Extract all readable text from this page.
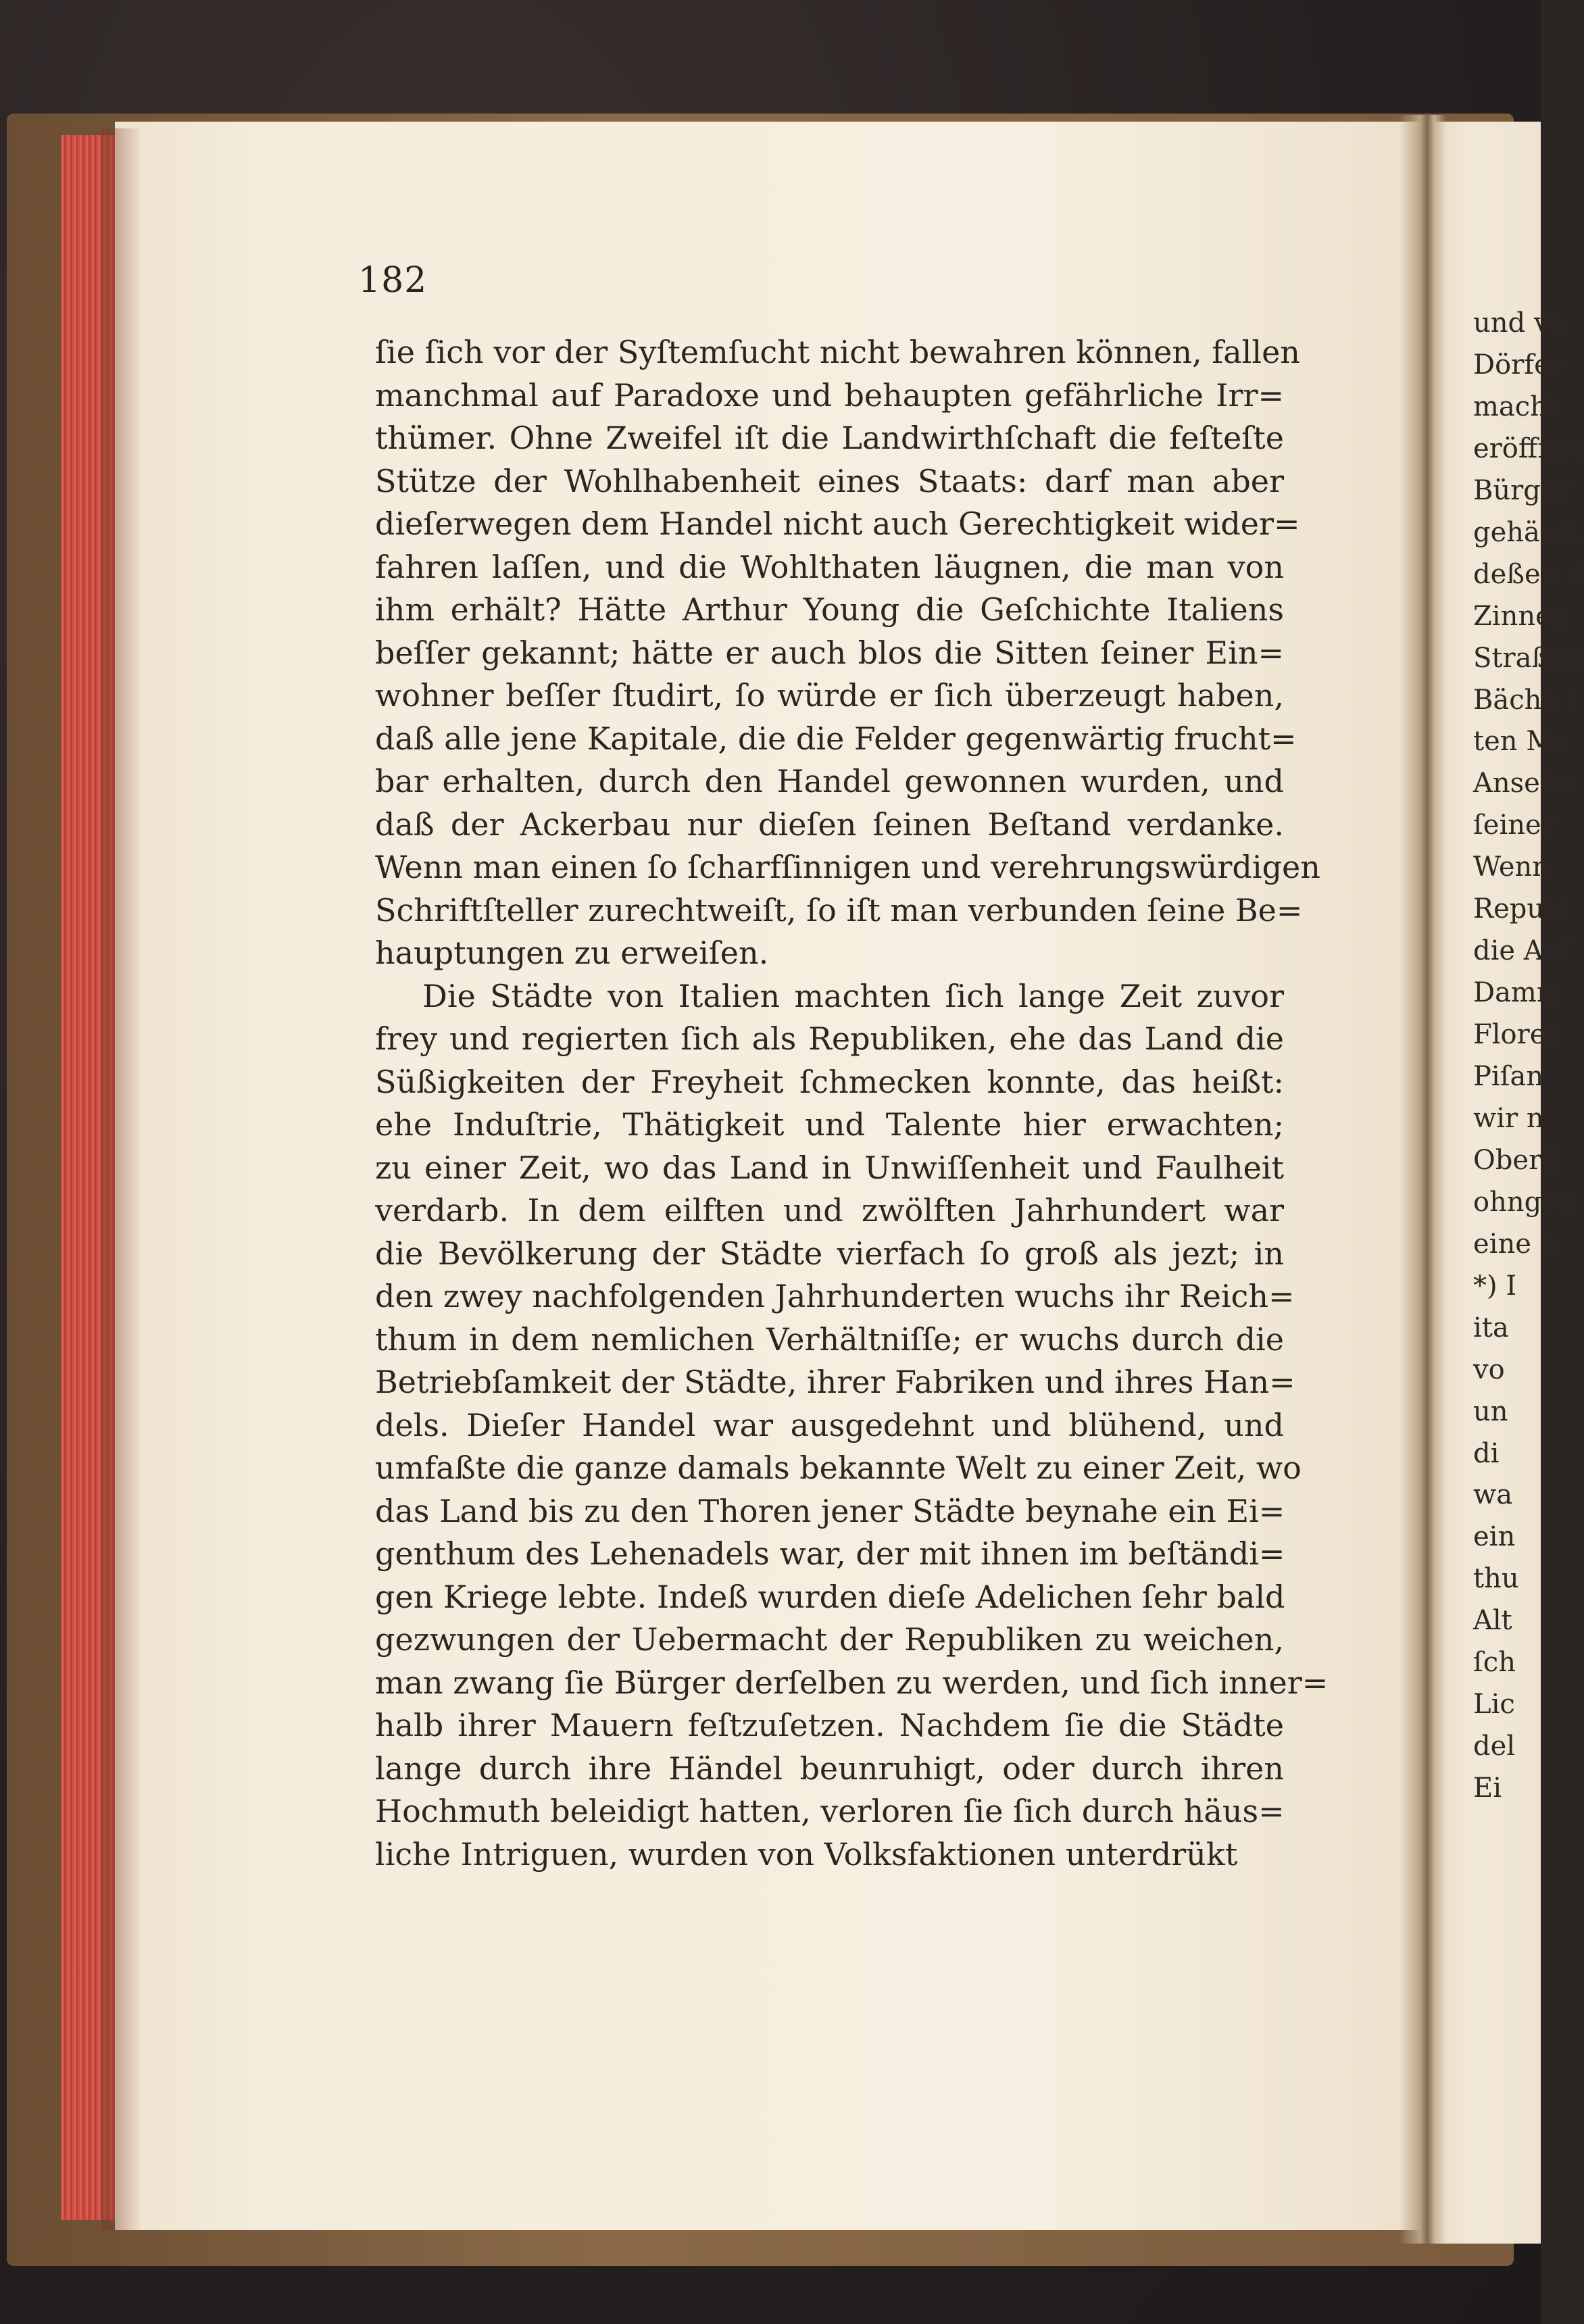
182
ſie ſich vor der Syſtemſucht nicht bewahren können, fallen
manchmal auf Paradoxe und behaupten gefährliche Irr=
thümer. Ohne Zweifel iſt die Landwirthſchaft die feſteſte
Stütze der Wohlhabenheit eines Staats: darf man aber
dieſerwegen dem Handel nicht auch Gerechtigkeit wider=
fahren laſſen, und die Wohlthaten läugnen, die man von
ihm erhält? Hätte Arthur Young die Geſchichte Italiens
beſſer gekannt; hätte er auch blos die Sitten ſeiner Ein=
wohner beſſer ſtudirt, ſo würde er ſich überzeugt haben,
daß alle jene Kapitale, die die Felder gegenwärtig frucht=
bar erhalten, durch den Handel gewonnen wurden, und
daß der Ackerbau nur dieſen ſeinen Beſtand verdanke.
Wenn man einen ſo ſcharfſinnigen und verehrungswürdigen
Schriftſteller zurechtweiſt, ſo iſt man verbunden ſeine Be=
hauptungen zu erweiſen.
Die Städte von Italien machten ſich lange Zeit zuvor
frey und regierten ſich als Republiken, ehe das Land die
Süßigkeiten der Freyheit ſchmecken konnte, das heißt:
ehe Induſtrie, Thätigkeit und Talente hier erwachten;
zu einer Zeit, wo das Land in Unwiſſenheit und Faulheit
verdarb. In dem eilften und zwölften Jahrhundert war
die Bevölkerung der Städte vierfach ſo groß als jezt; in
den zwey nachfolgenden Jahrhunderten wuchs ihr Reich=
thum in dem nemlichen Verhältniſſe; er wuchs durch die
Betriebſamkeit der Städte, ihrer Fabriken und ihres Han=
dels. Dieſer Handel war ausgedehnt und blühend, und
umfaßte die ganze damals bekannte Welt zu einer Zeit, wo
das Land bis zu den Thoren jener Städte beynahe ein Ei=
genthum des Lehenadels war, der mit ihnen im beſtändi=
gen Kriege lebte. Indeß wurden dieſe Adelichen ſehr bald
gezwungen der Uebermacht der Republiken zu weichen,
man zwang ſie Bürger derſelben zu werden, und ſich inner=
halb ihrer Mauern feſtzuſetzen. Nachdem ſie die Städte
lange durch ihre Händel beunruhigt, oder durch ihren
Hochmuth beleidigt hatten, verloren ſie ſich durch häus=
liche Intriguen, wurden von Volksfaktionen unterdrükt
und ve
Dörfer
macht
eröffnet
Bürger
gehäuft
deßen d
Zinnen
Straßen
Bäche i
ten Mo
Ansehe
ſeiner
Wenn
Republ
die Auf
Damm
Floren
Piſan
wir n
Oberfl
ohngea
eine n
*) I
ita
vo
un
di
wa
ein
thu
Alt
ſch
Lic
del
Ei
